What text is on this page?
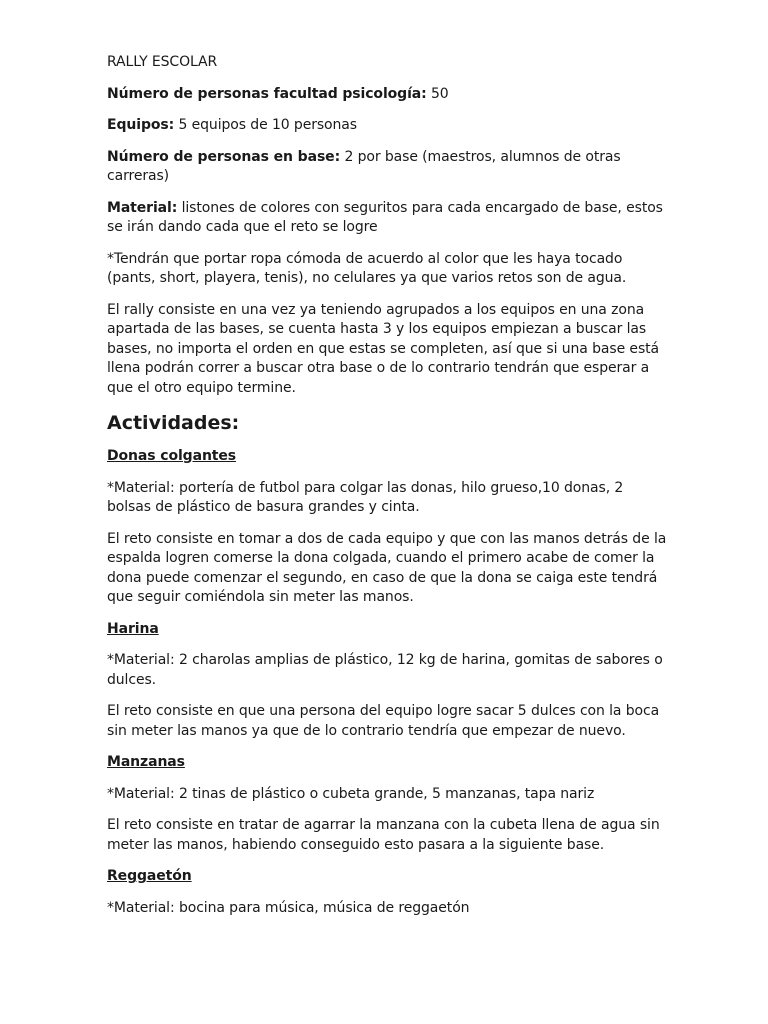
RALLY ESCOLAR

Número de personas facultad psicología: 50

Equipos: 5 equipos de 10 personas

Número de personas en base: 2 por base (maestros, alumnos de otras carreras)

Material: listones de colores con seguritos para cada encargado de base, estos se irán dando cada que el reto se logre

*Tendrán que portar ropa cómoda de acuerdo al color que les haya tocado (pants, short, playera, tenis), no celulares ya que varios retos son de agua.

El rally consiste en una vez ya teniendo agrupados a los equipos en una zona apartada de las bases, se cuenta hasta 3 y los equipos empiezan a buscar las bases, no importa el orden en que estas se completen, así que si una base está llena podrán correr a buscar otra base o de lo contrario tendrán que esperar a que el otro equipo termine.

Actividades:

Donas colgantes

*Material: portería de futbol para colgar las donas, hilo grueso,10 donas, 2 bolsas de plástico de basura grandes y cinta.

El reto consiste en tomar a dos de cada equipo y que con las manos detrás de la espalda logren comerse la dona colgada, cuando el primero acabe de comer la dona puede comenzar el segundo, en caso de que la dona se caiga este tendrá que seguir comiéndola sin meter las manos.

Harina

*Material: 2 charolas amplias de plástico, 12 kg de harina, gomitas de sabores o dulces.

El reto consiste en que una persona del equipo logre sacar 5 dulces con la boca sin meter las manos ya que de lo contrario tendría que empezar de nuevo.

Manzanas

*Material: 2 tinas de plástico o cubeta grande, 5 manzanas, tapa nariz

El reto consiste en tratar de agarrar la manzana con la cubeta llena de agua sin meter las manos, habiendo conseguido esto pasara a la siguiente base.

Reggaetón

*Material: bocina para música, música de reggaetón
